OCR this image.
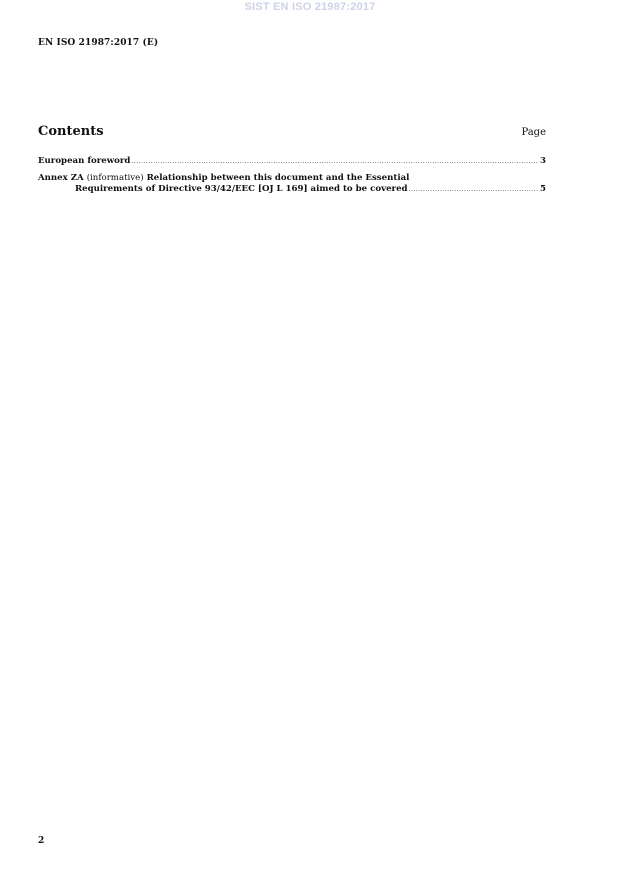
SIST EN ISO 21987:2017
EN ISO 21987:2017 (E)
Contents	Page
European foreword .....	3
Annex ZA (informative) Relationship between this document and the Essential
Requirements of Directive 93/42/EEC [OJ L 169] aimed to be covered .....	5
2
